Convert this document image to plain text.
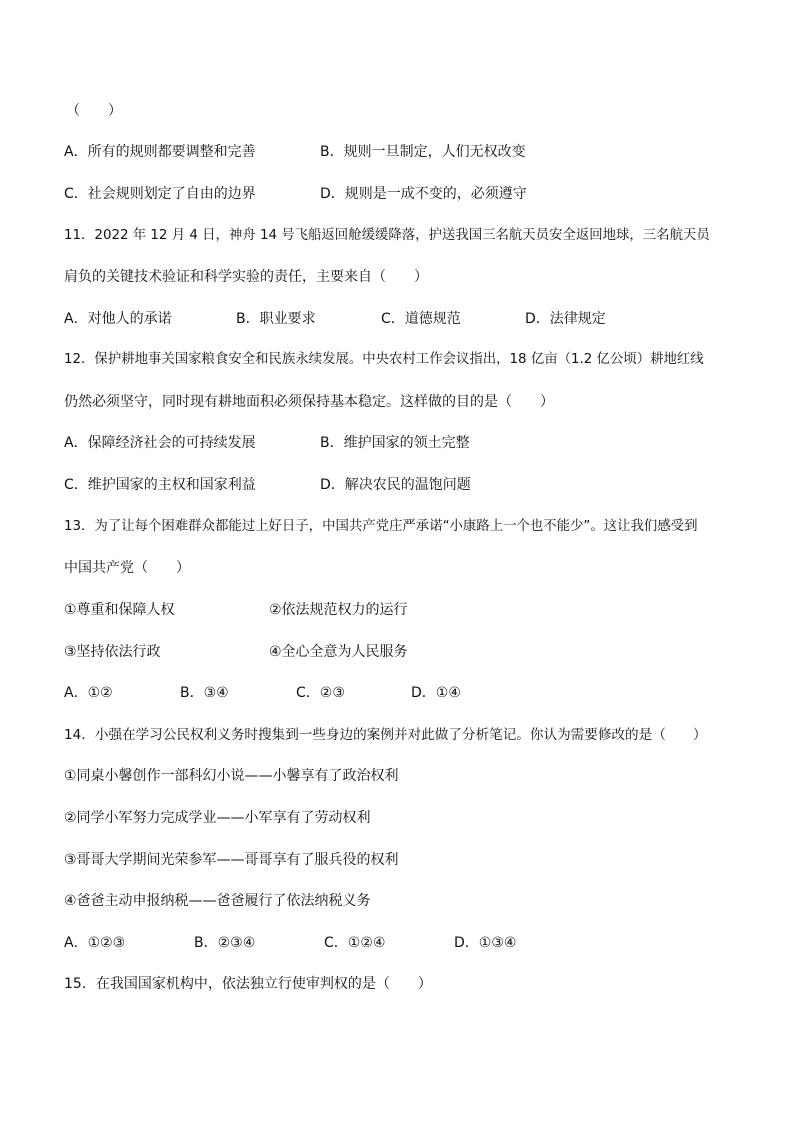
（　　）
A．所有的规则都要调整和完善	B．规则一旦制定，人们无权改变
C．社会规则划定了自由的边界	D．规则是一成不变的，必须遵守
11．2022 年 12 月 4 日，神舟 14 号飞船返回舱缓缓降落，护送我国三名航天员安全返回地球，三名航天员
肩负的关键技术验证和科学实验的责任，主要来自（　　）
A．对他人的承诺	B．职业要求	C．道德规范	D．法律规定
12．保护耕地事关国家粮食安全和民族永续发展。中央农村工作会议指出，18 亿亩（1.2 亿公顷）耕地红线
仍然必须坚守，同时现有耕地面积必须保持基本稳定。这样做的目的是（　　）
A．保障经济社会的可持续发展	B．维护国家的领土完整
C．维护国家的主权和国家利益	D．解决农民的温饱问题
13．为了让每个困难群众都能过上好日子，中国共产党庄严承诺“小康路上一个也不能少”。这让我们感受到
中国共产党（　　）
①尊重和保障人权	②依法规范权力的运行
③坚持依法行政	④全心全意为人民服务
A．①②	B．③④	C．②③	D．①④
14．小强在学习公民权利义务时搜集到一些身边的案例并对此做了分析笔记。你认为需要修改的是（　　）
①同桌小馨创作一部科幻小说——小馨享有了政治权利
②同学小军努力完成学业——小军享有了劳动权利
③哥哥大学期间光荣参军——哥哥享有了服兵役的权利
④爸爸主动申报纳税——爸爸履行了依法纳税义务
A．①②③	B．②③④	C．①②④	D．①③④
15．在我国国家机构中，依法独立行使审判权的是（　　）
